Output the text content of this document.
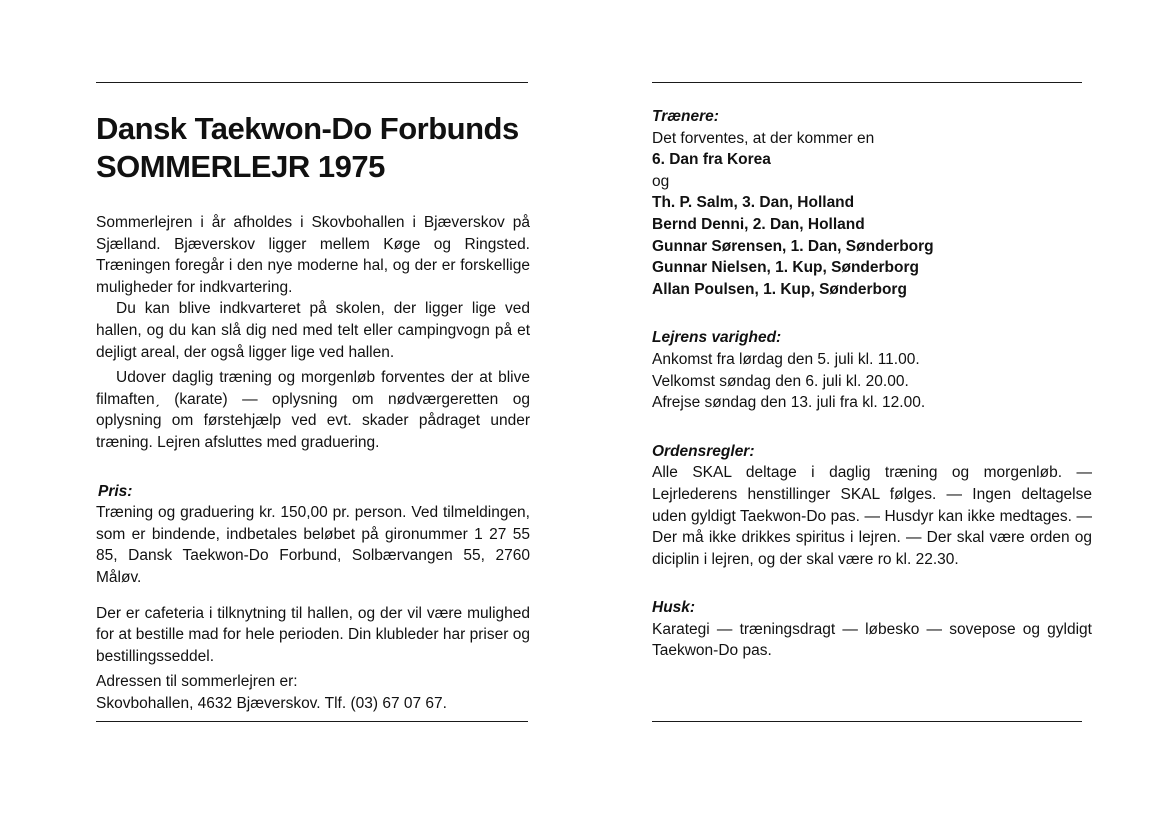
Dansk Taekwon-Do Forbunds
SOMMERLEJR 1975

Sommerlejren i år afholdes i Skovbohallen i Bjæverskov på Sjælland. Bjæverskov ligger mellem Køge og Ringsted. Træningen foregår i den nye moderne hal, og der er forskellige muligheder for indkvartering.

Du kan blive indkvarteret på skolen, der ligger lige ved hallen, og du kan slå dig ned med telt eller campingvogn på et dejligt areal, der også ligger lige ved hallen.

Udover daglig træning og morgenløb forventes der at blive filmaftenˏ (karate) — oplysning om nødværgeretten og oplysning om førstehjælp ved evt. skader pådraget under træning. Lejren afsluttes med graduering.

Pris:

Træning og graduering kr. 150,00 pr. person. Ved tilmeldingen, som er bindende, indbetales beløbet på gironummer 1 27 55 85, Dansk Taekwon-Do Forbund, Solbærvangen 55, 2760 Måløv.

Der er cafeteria i tilknytning til hallen, og der vil være mulighed for at bestille mad for hele perioden. Din klubleder har priser og bestillingsseddel.

Adressen til sommerlejren er:

Skovbohallen, 4632 Bjæverskov. Tlf. (03) 67 07 67.

Trænere:

Det forventes, at der kommer en

6. Dan fra Korea

og

Th. P. Salm, 3. Dan, Holland

Bernd Denni, 2. Dan, Holland

Gunnar Sørensen, 1. Dan, Sønderborg

Gunnar Nielsen, 1. Kup, Sønderborg

Allan Poulsen, 1. Kup, Sønderborg

Lejrens varighed:

Ankomst fra lørdag den 5. juli kl. 11.00.

Velkomst søndag den 6. juli kl. 20.00.

Afrejse søndag den 13. juli fra kl. 12.00.

Ordensregler:

Alle SKAL deltage i daglig træning og morgenløb. — Lejrlederens henstillinger SKAL følges. — Ingen deltagelse uden gyldigt Taekwon-Do pas. — Husdyr kan ikke medtages. — Der må ikke drikkes spiritus i lejren. — Der skal være orden og diciplin i lejren, og der skal være ro kl. 22.30.

Husk:

Karategi — træningsdragt — løbesko — sovepose og gyldigt Taekwon-Do pas.
